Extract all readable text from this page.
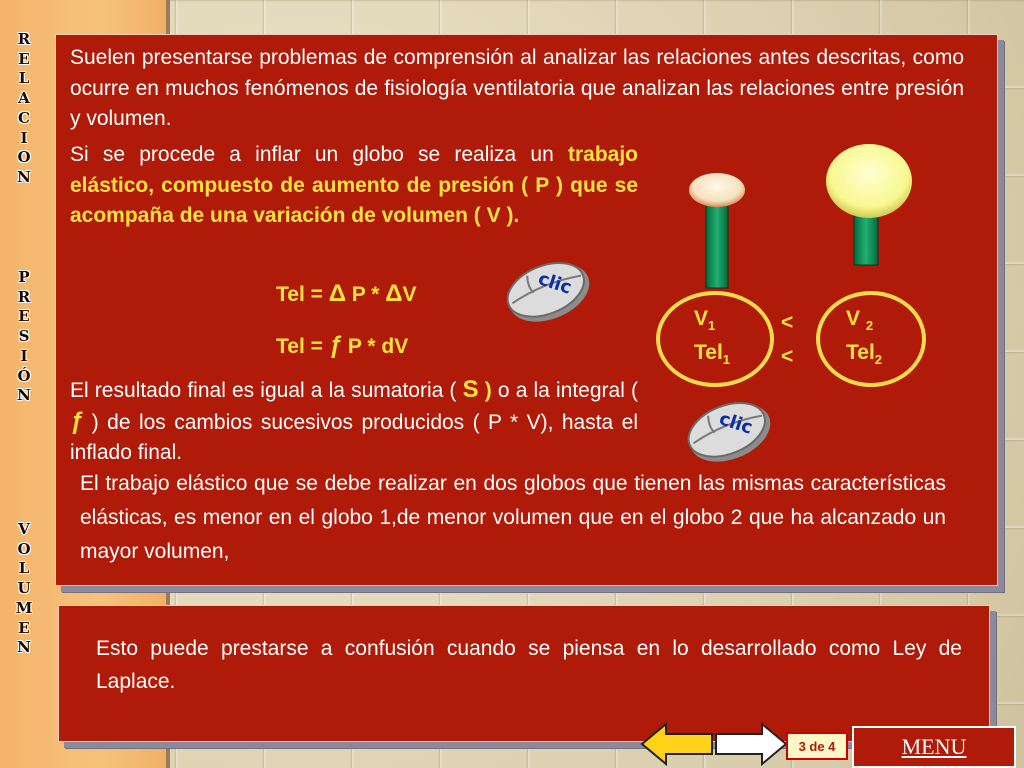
R
E
L
A
C
I
O
N
P
R
E
S
I
Ó
N
V
O
L
U
M
E
N
Suelen presentarse problemas de comprensión al analizar las relaciones antes descritas, como ocurre en muchos fenómenos de fisiología ventilatoria que analizan las relaciones entre presión y volumen.
Si se procede a inflar un globo se realiza un trabajo elástico, compuesto de aumento de presión ( P ) que se acompaña de una variación de volumen ( V ).
Tel = Δ P * ΔV
Tel = ƒ P * dV
El resultado final es igual a la sumatoria ( S ) o a la integral ( ƒ ) de los cambios sucesivos producidos ( P * V), hasta el inflado final.
El trabajo elástico que se debe realizar en dos globos que tienen las mismas características elásticas, es menor en el globo 1,de menor volumen que en el globo 2 que ha alcanzado un mayor volumen,
clic
clic
$V_1$
Tel$_1$
<
<
V $_2$
Tel$_2$
Esto puede prestarse a confusión cuando se piensa en lo desarrollado como Ley de Laplace.
3 de 4	MENU
